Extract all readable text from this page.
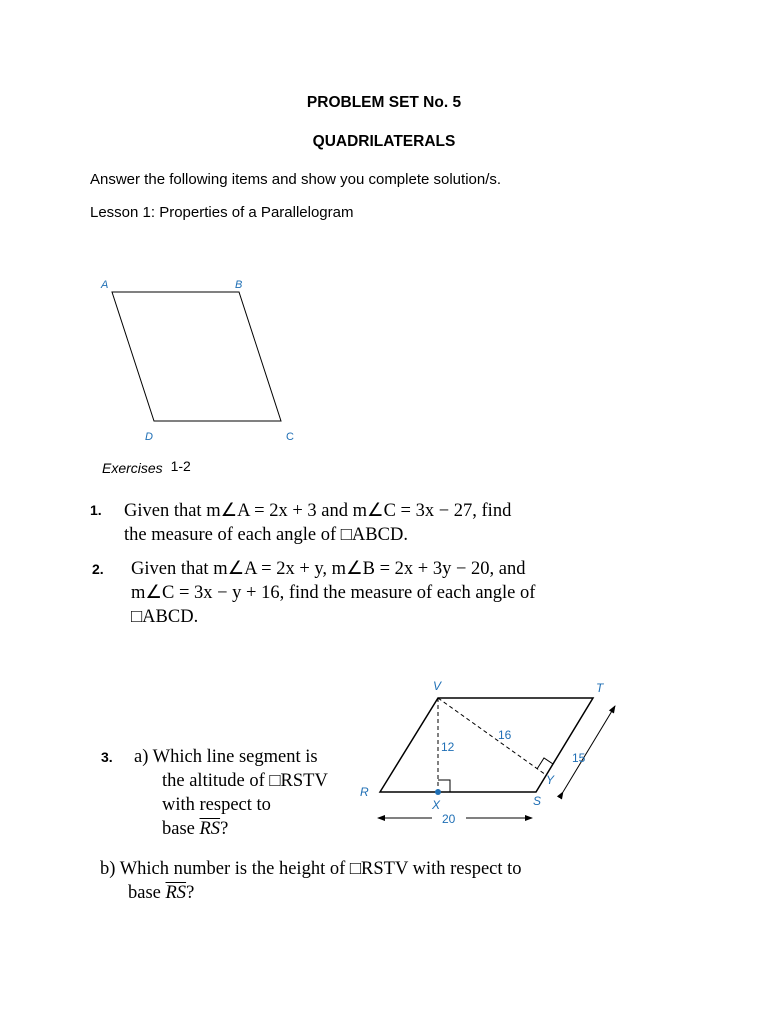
PROBLEM SET No. 5
QUADRILATERALS
Answer the following items and show you complete solution/s.
Lesson 1: Properties of a Parallelogram
A	B
D	C
Exercises 1-2
1. Given that m∠A = 2x + 3 and m∠C = 3x − 27, find
the measure of each angle of □ABCD.
2. Given that m∠A = 2x + y, m∠B = 2x + 3y − 20, and
m∠C = 3x − y + 16, find the measure of each angle of
□ABCD.
3. a) Which line segment is
the altitude of □RSTV
with respect to
base $\overline{RS}$?
V	T
R
S
X
Y
12
16
15
20
b) Which number is the height of □RSTV with respect to
base $\overline{RS}$?
